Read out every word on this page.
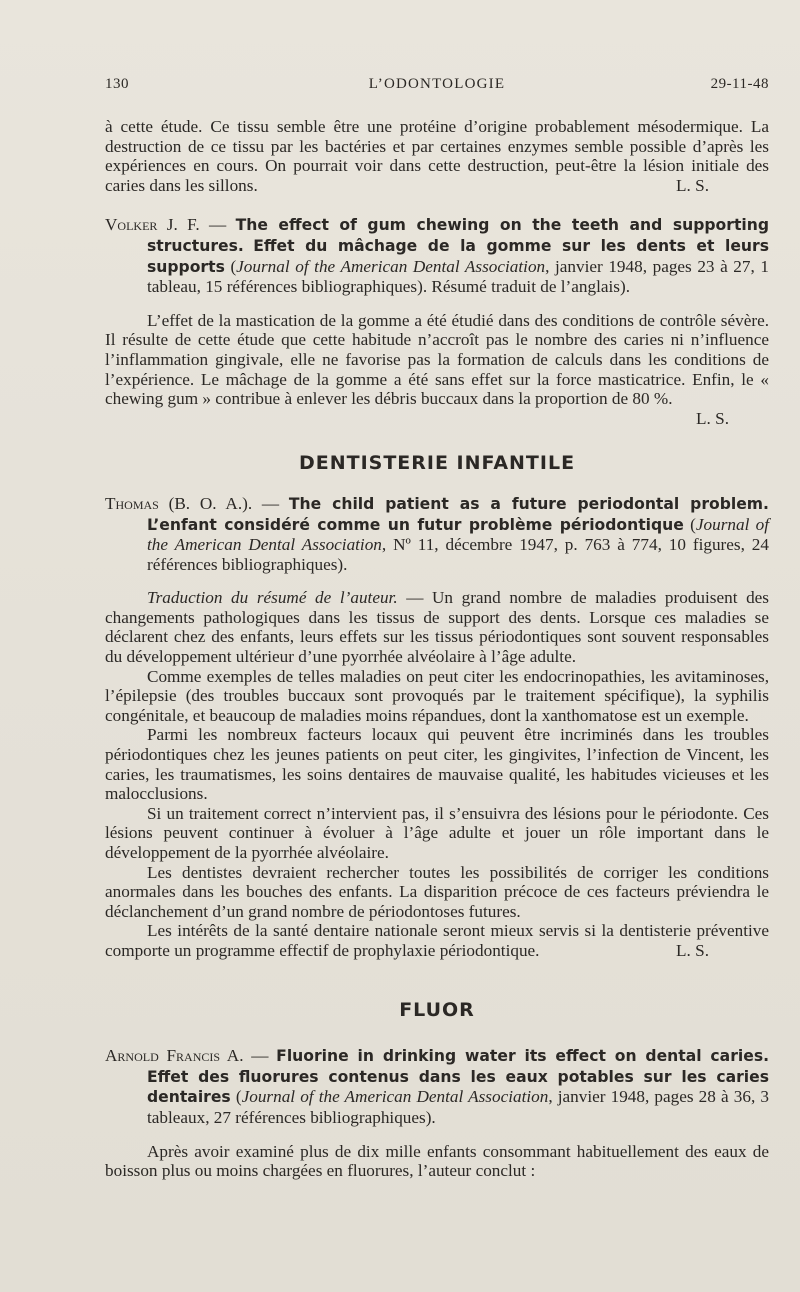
130	L’ODONTOLOGIE	29-11-48

à cette étude. Ce tissu semble être une protéine d’origine probablement mésodermique. La destruction de ce tissu par les bactéries et par certaines enzymes semble possible d’après les expériences en cours. On pourrait voir dans cette destruction, peut-être la lésion initiale des caries dans les sillons.	L. S.

Volker J. F. — The effect of gum chewing on the teeth and supporting structures. Effet du mâchage de la gomme sur les dents et leurs supports (Journal of the American Dental Association, janvier 1948, pages 23 à 27, 1 tableau, 15 références bibliographiques). Résumé traduit de l’anglais).

L’effet de la mastication de la gomme a été étudié dans des conditions de contrôle sévère. Il résulte de cette étude que cette habitude n’accroît pas le nombre des caries ni n’influence l’inflammation gingivale, elle ne favorise pas la formation de calculs dans les conditions de l’expérience. Le mâchage de la gomme a été sans effet sur la force masticatrice. Enfin, le « chewing gum » contribue à enlever les débris buccaux dans la proportion de 80 %.

L. S.

DENTISTERIE INFANTILE

Thomas (B. O. A.). — The child patient as a future periodontal problem. L’enfant considéré comme un futur problème périodontique (Journal of the American Dental Association, Nº 11, décembre 1947, p. 763 à 774, 10 figures, 24 références bibliographiques).

Traduction du résumé de l’auteur. — Un grand nombre de maladies produisent des changements pathologiques dans les tissus de support des dents. Lorsque ces maladies se déclarent chez des enfants, leurs effets sur les tissus périodontiques sont souvent responsables du développement ultérieur d’une pyorrhée alvéolaire à l’âge adulte.

Comme exemples de telles maladies on peut citer les endocrinopathies, les avitaminoses, l’épilepsie (des troubles buccaux sont provoqués par le traitement spécifique), la syphilis congénitale, et beaucoup de maladies moins répandues, dont la xanthomatose est un exemple.

Parmi les nombreux facteurs locaux qui peuvent être incriminés dans les troubles périodontiques chez les jeunes patients on peut citer, les gingivites, l’infection de Vincent, les caries, les traumatismes, les soins dentaires de mauvaise qualité, les habitudes vicieuses et les malocclusions.

Si un traitement correct n’intervient pas, il s’ensuivra des lésions pour le périodonte. Ces lésions peuvent continuer à évoluer à l’âge adulte et jouer un rôle important dans le développement de la pyorrhée alvéolaire.

Les dentistes devraient rechercher toutes les possibilités de corriger les conditions anormales dans les bouches des enfants. La disparition précoce de ces facteurs préviendra le déclanchement d’un grand nombre de périodontoses futures.

Les intérêts de la santé dentaire nationale seront mieux servis si la dentisterie préventive comporte un programme effectif de prophylaxie périodontique.	L. S.

FLUOR

Arnold Francis A. — Fluorine in drinking water its effect on dental caries. Effet des fluorures contenus dans les eaux potables sur les caries dentaires (Journal of the American Dental Association, janvier 1948, pages 28 à 36, 3 tableaux, 27 références bibliographiques).

Après avoir examiné plus de dix mille enfants consommant habituellement des eaux de boisson plus ou moins chargées en fluorures, l’auteur conclut :
